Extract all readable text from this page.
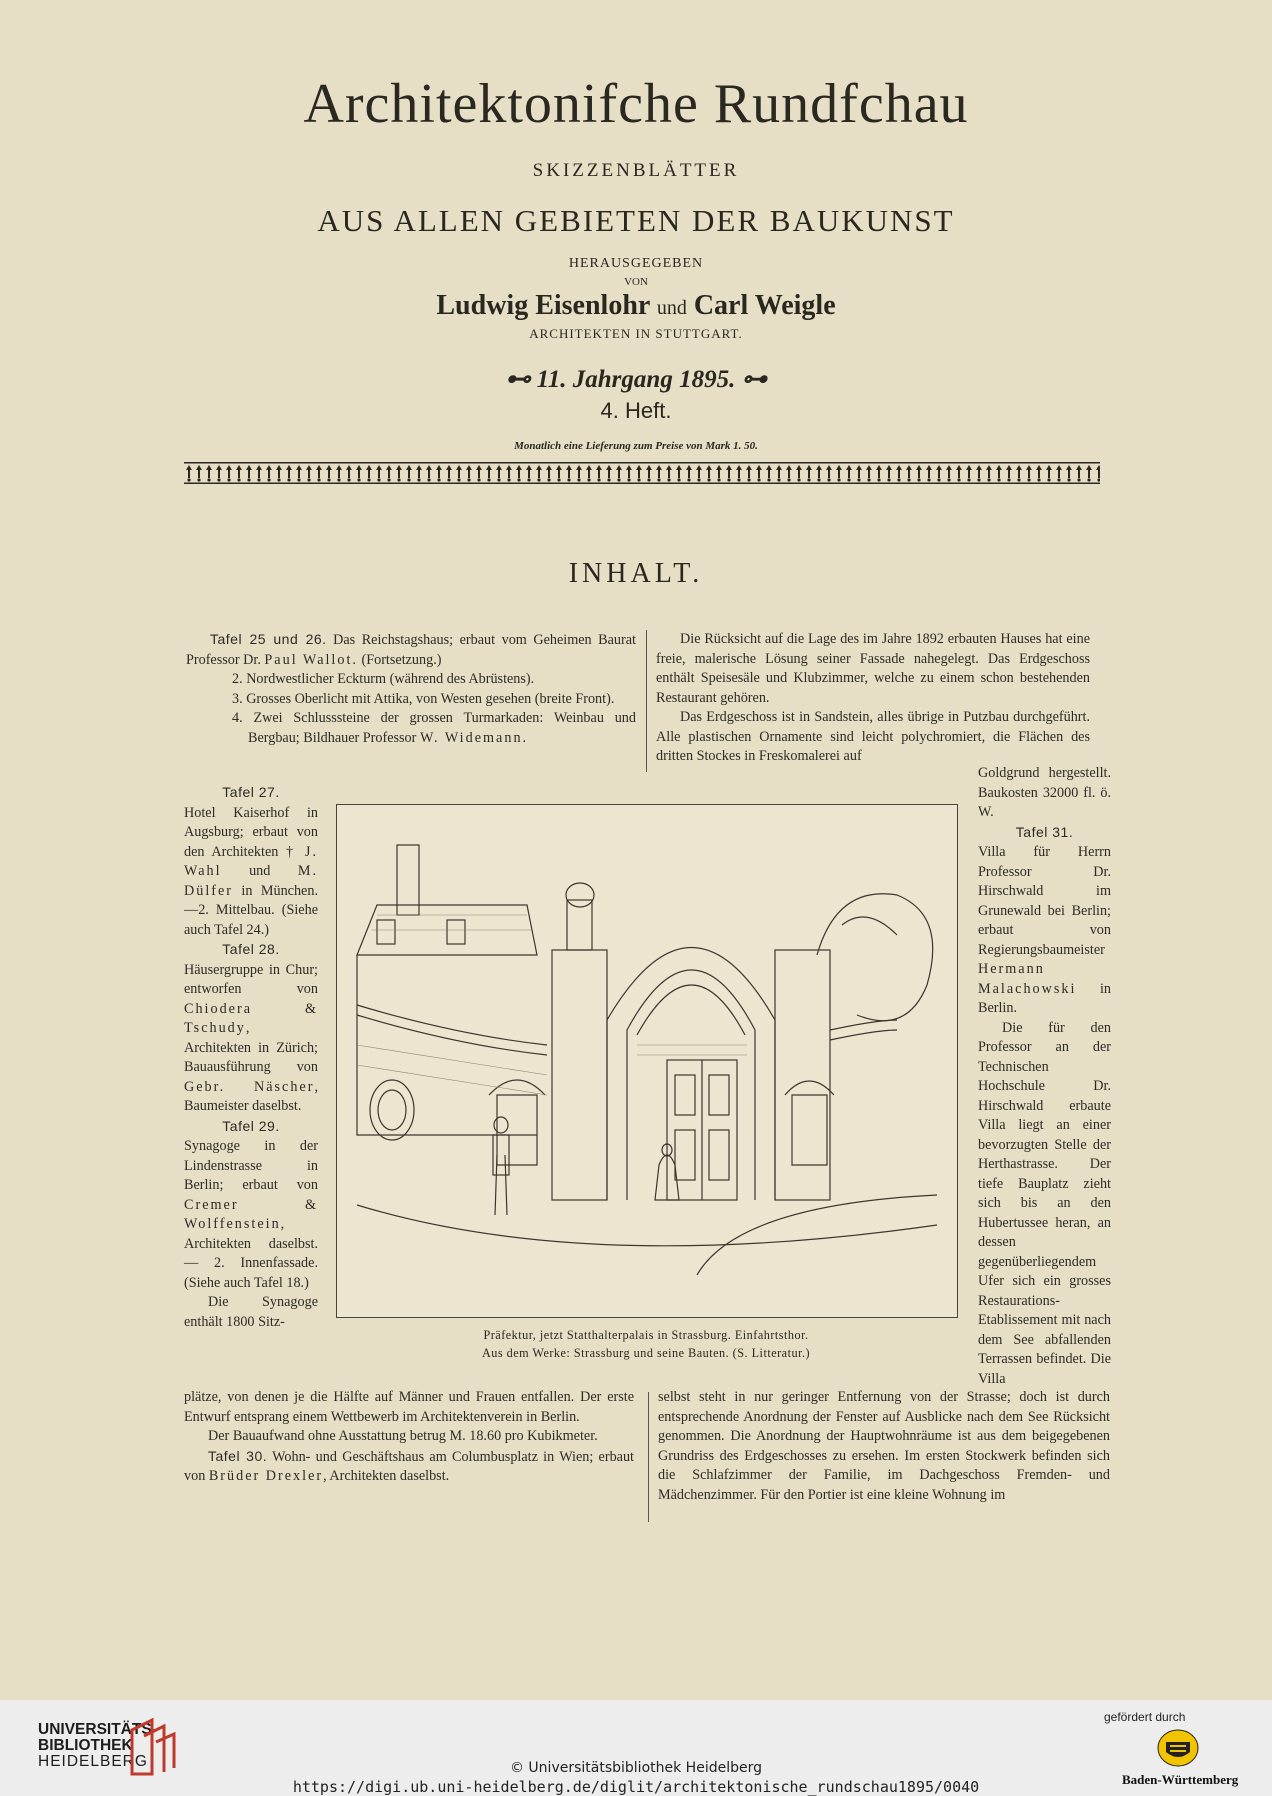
Architektonifche Rundfchau
SKIZZENBLÄTTER
AUS ALLEN GEBIETEN DER BAUKUNST
HERAUSGEGEBEN
VON
Ludwig Eisenlohr und Carl Weigle
ARCHITEKTEN IN STUTTGART.
⊷ 11. Jahrgang 1895. ⊶
4. Heft.
Monatlich eine Lieferung zum Preise von Mark 1. 50.
INHALT.

Tafel 25 und 26. Das Reichstagshaus; erbaut vom Geheimen Baurat Professor Dr. Paul Wallot. (Fortsetzung.)

2. Nordwestlicher Eckturm (während des Abrüstens).

3. Grosses Oberlicht mit Attika, von Westen gesehen (breite Front).

4. Zwei Schlusssteine der grossen Turmarkaden: Weinbau und Bergbau; Bildhauer Professor W. Widemann.

Die Rücksicht auf die Lage des im Jahre 1892 erbauten Hauses hat eine freie, malerische Lösung seiner Fassade nahegelegt. Das Erdgeschoss enthält Speisesäle und Klubzimmer, welche zu einem schon bestehenden Restaurant gehören.

Das Erdgeschoss ist in Sandstein, alles übrige in Putzbau durchgeführt. Alle plastischen Ornamente sind leicht polychromiert, die Flächen des dritten Stockes in Freskomalerei auf

Tafel 27.

Hotel Kaiserhof in Augsburg; erbaut von den Architekten † J. Wahl und M. Dülfer in München.—2. Mittelbau. (Siehe auch Tafel 24.)

Tafel 28.

Häusergruppe in Chur; entworfen von Chiodera & Tschudy, Architekten in Zürich; Bauausführung von Gebr. Näscher, Baumeister daselbst.

Tafel 29.

Synagoge in der Lindenstrasse in Berlin; erbaut von Cremer & Wolffenstein, Architekten daselbst. — 2. Innenfassade. (Siehe auch Tafel 18.)

Die Synagoge enthält 1800 Sitz-

Präfektur, jetzt Statthalterpalais in Strassburg. Einfahrtsthor.
Aus dem Werke: Strassburg und seine Bauten. (S. Litteratur.)

Goldgrund hergestellt. Baukosten 32000 fl. ö. W.

Tafel 31.

Villa für Herrn Professor Dr. Hirschwald im Grunewald bei Berlin; erbaut von Regierungsbaumeister Hermann Malachowski in Berlin.

Die für den Professor an der Technischen Hochschule Dr. Hirschwald erbaute Villa liegt an einer bevorzugten Stelle der Herthastrasse. Der tiefe Bauplatz zieht sich bis an den Hubertussee heran, an dessen gegenüberliegendem Ufer sich ein grosses Restaurations-Etablissement mit nach dem See abfallenden Terrassen befindet. Die Villa

plätze, von denen je die Hälfte auf Männer und Frauen entfallen. Der erste Entwurf entsprang einem Wettbewerb im Architektenverein in Berlin.

Der Bauaufwand ohne Ausstattung betrug M. 18.60 pro Kubikmeter.

Tafel 30. Wohn- und Geschäftshaus am Columbusplatz in Wien; erbaut von Brüder Drexler, Architekten daselbst.

selbst steht in nur geringer Entfernung von der Strasse; doch ist durch entsprechende Anordnung der Fenster auf Ausblicke nach dem See Rücksicht genommen. Die Anordnung der Hauptwohnräume ist aus dem beigegebenen Grundriss des Erdgeschosses zu ersehen. Im ersten Stockwerk befinden sich die Schlafzimmer der Familie, im Dachgeschoss Fremden- und Mädchenzimmer. Für den Portier ist eine kleine Wohnung im

UNIVERSITÄTS-
BIBLIOTHEK
HEIDELBERG	© Universitätsbibliothek Heidelberg
https://digi.ub.uni-heidelberg.de/diglit/architektonische_rundschau1895/0040
gefördert durch
Baden-Württemberg
